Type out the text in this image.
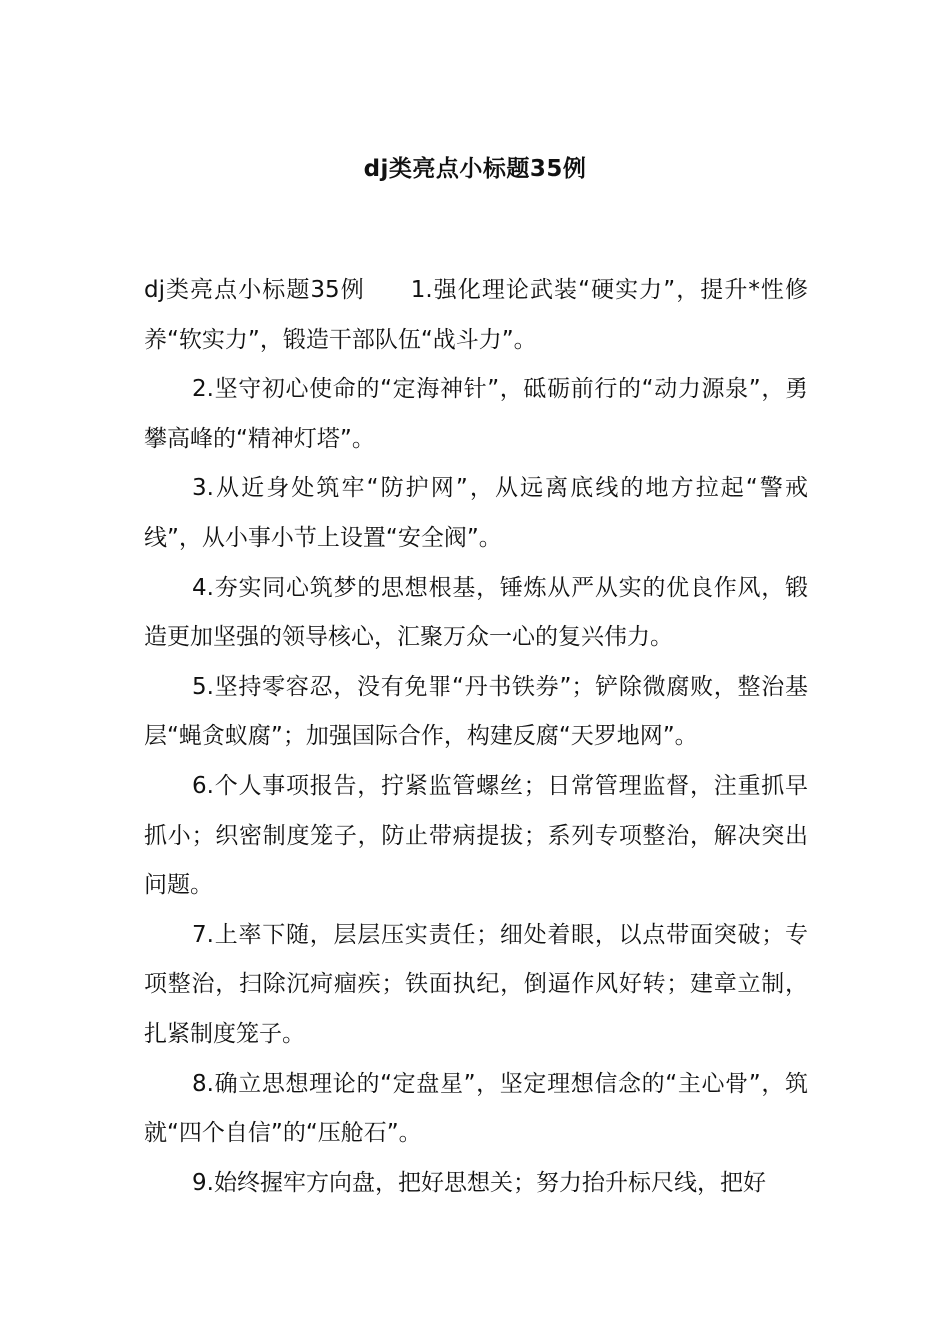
dj类亮点小标题35例

dj类亮点小标题35例 1.强化理论武装“硬实力”，提升*性修养“软实力”，锻造干部队伍“战斗力”。

2.坚守初心使命的“定海神针”，砥砺前行的“动力源泉”，勇攀高峰的“精神灯塔”。

3.从近身处筑牢“防护网”，从远离底线的地方拉起“警戒线”，从小事小节上设置“安全阀”。

4.夯实同心筑梦的思想根基，锤炼从严从实的优良作风，锻造更加坚强的领导核心，汇聚万众一心的复兴伟力。

5.坚持零容忍，没有免罪“丹书铁券”；铲除微腐败，整治基层“蝇贪蚁腐”；加强国际合作，构建反腐“天罗地网”。

6.个人事项报告，拧紧监管螺丝；日常管理监督，注重抓早抓小；织密制度笼子，防止带病提拔；系列专项整治，解决突出问题。

7.上率下随，层层压实责任；细处着眼，以点带面突破；专项整治，扫除沉疴痼疾；铁面执纪，倒逼作风好转；建章立制，扎紧制度笼子。

8.确立思想理论的“定盘星”，坚定理想信念的“主心骨”，筑就“四个自信”的“压舱石”。

9.始终握牢方向盘，把好思想关；努力抬升标尺线，把好
